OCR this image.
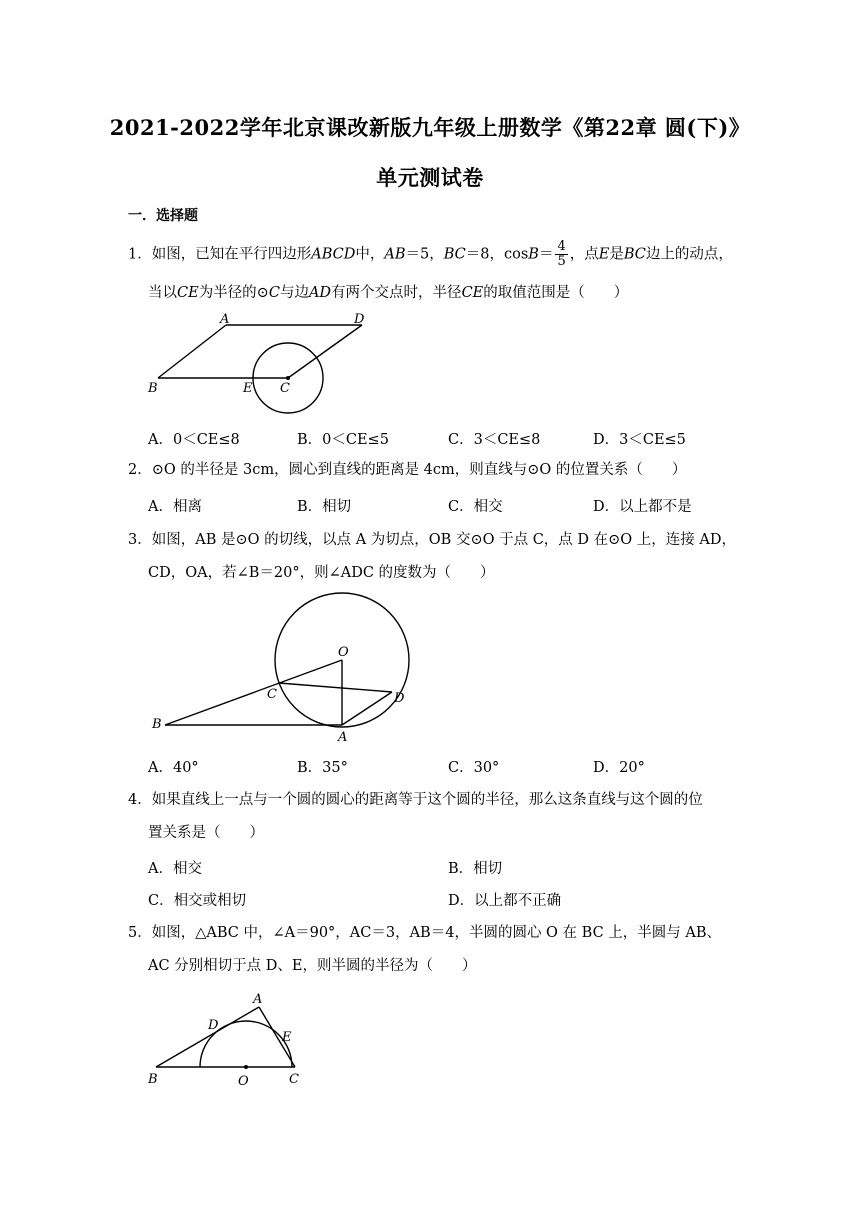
2021-2022学年北京课改新版九年级上册数学《第22章 圆(下)》
单元测试卷
一．选择题
1．如图，已知在平行四边形ABCD中，AB＝5，BC＝8，$\cos B= \frac{4}{5}$ ，点E是BC边上的动点，
当以CE为半径的⊙C与边AD有两个交点时，半径CE的取值范围是（　　）
A	D
B	E C
A．0＜CE≤8	B．0＜CE≤5	C．3＜CE≤8	D．3＜CE≤5
2．⊙O 的半径是 3cm，圆心到直线的距离是 4cm，则直线与⊙O 的位置关系（　　）
A．相离	B．相切	C．相交	D．以上都不是
3．如图，AB 是⊙O 的切线，以点 A 为切点，OB 交⊙O 于点 C，点 D 在⊙O 上，连接 AD，
CD，OA，若∠B＝20°，则∠ADC 的度数为（　　）
O
C	D
B
A
A．40°	B．35°	C．30°	D．20°
4．如果直线上一点与一个圆的圆心的距离等于这个圆的半径，那么这条直线与这个圆的位
置关系是（　　）
A．相交	B．相切
C．相交或相切	D．以上都不正确
5．如图，△ABC 中，∠A＝90°，AC＝3，AB＝4，半圆的圆心 O 在 BC 上，半圆与 AB、
AC 分别相切于点 D、E，则半圆的半径为（　　）
A
D
E
B	O	C
